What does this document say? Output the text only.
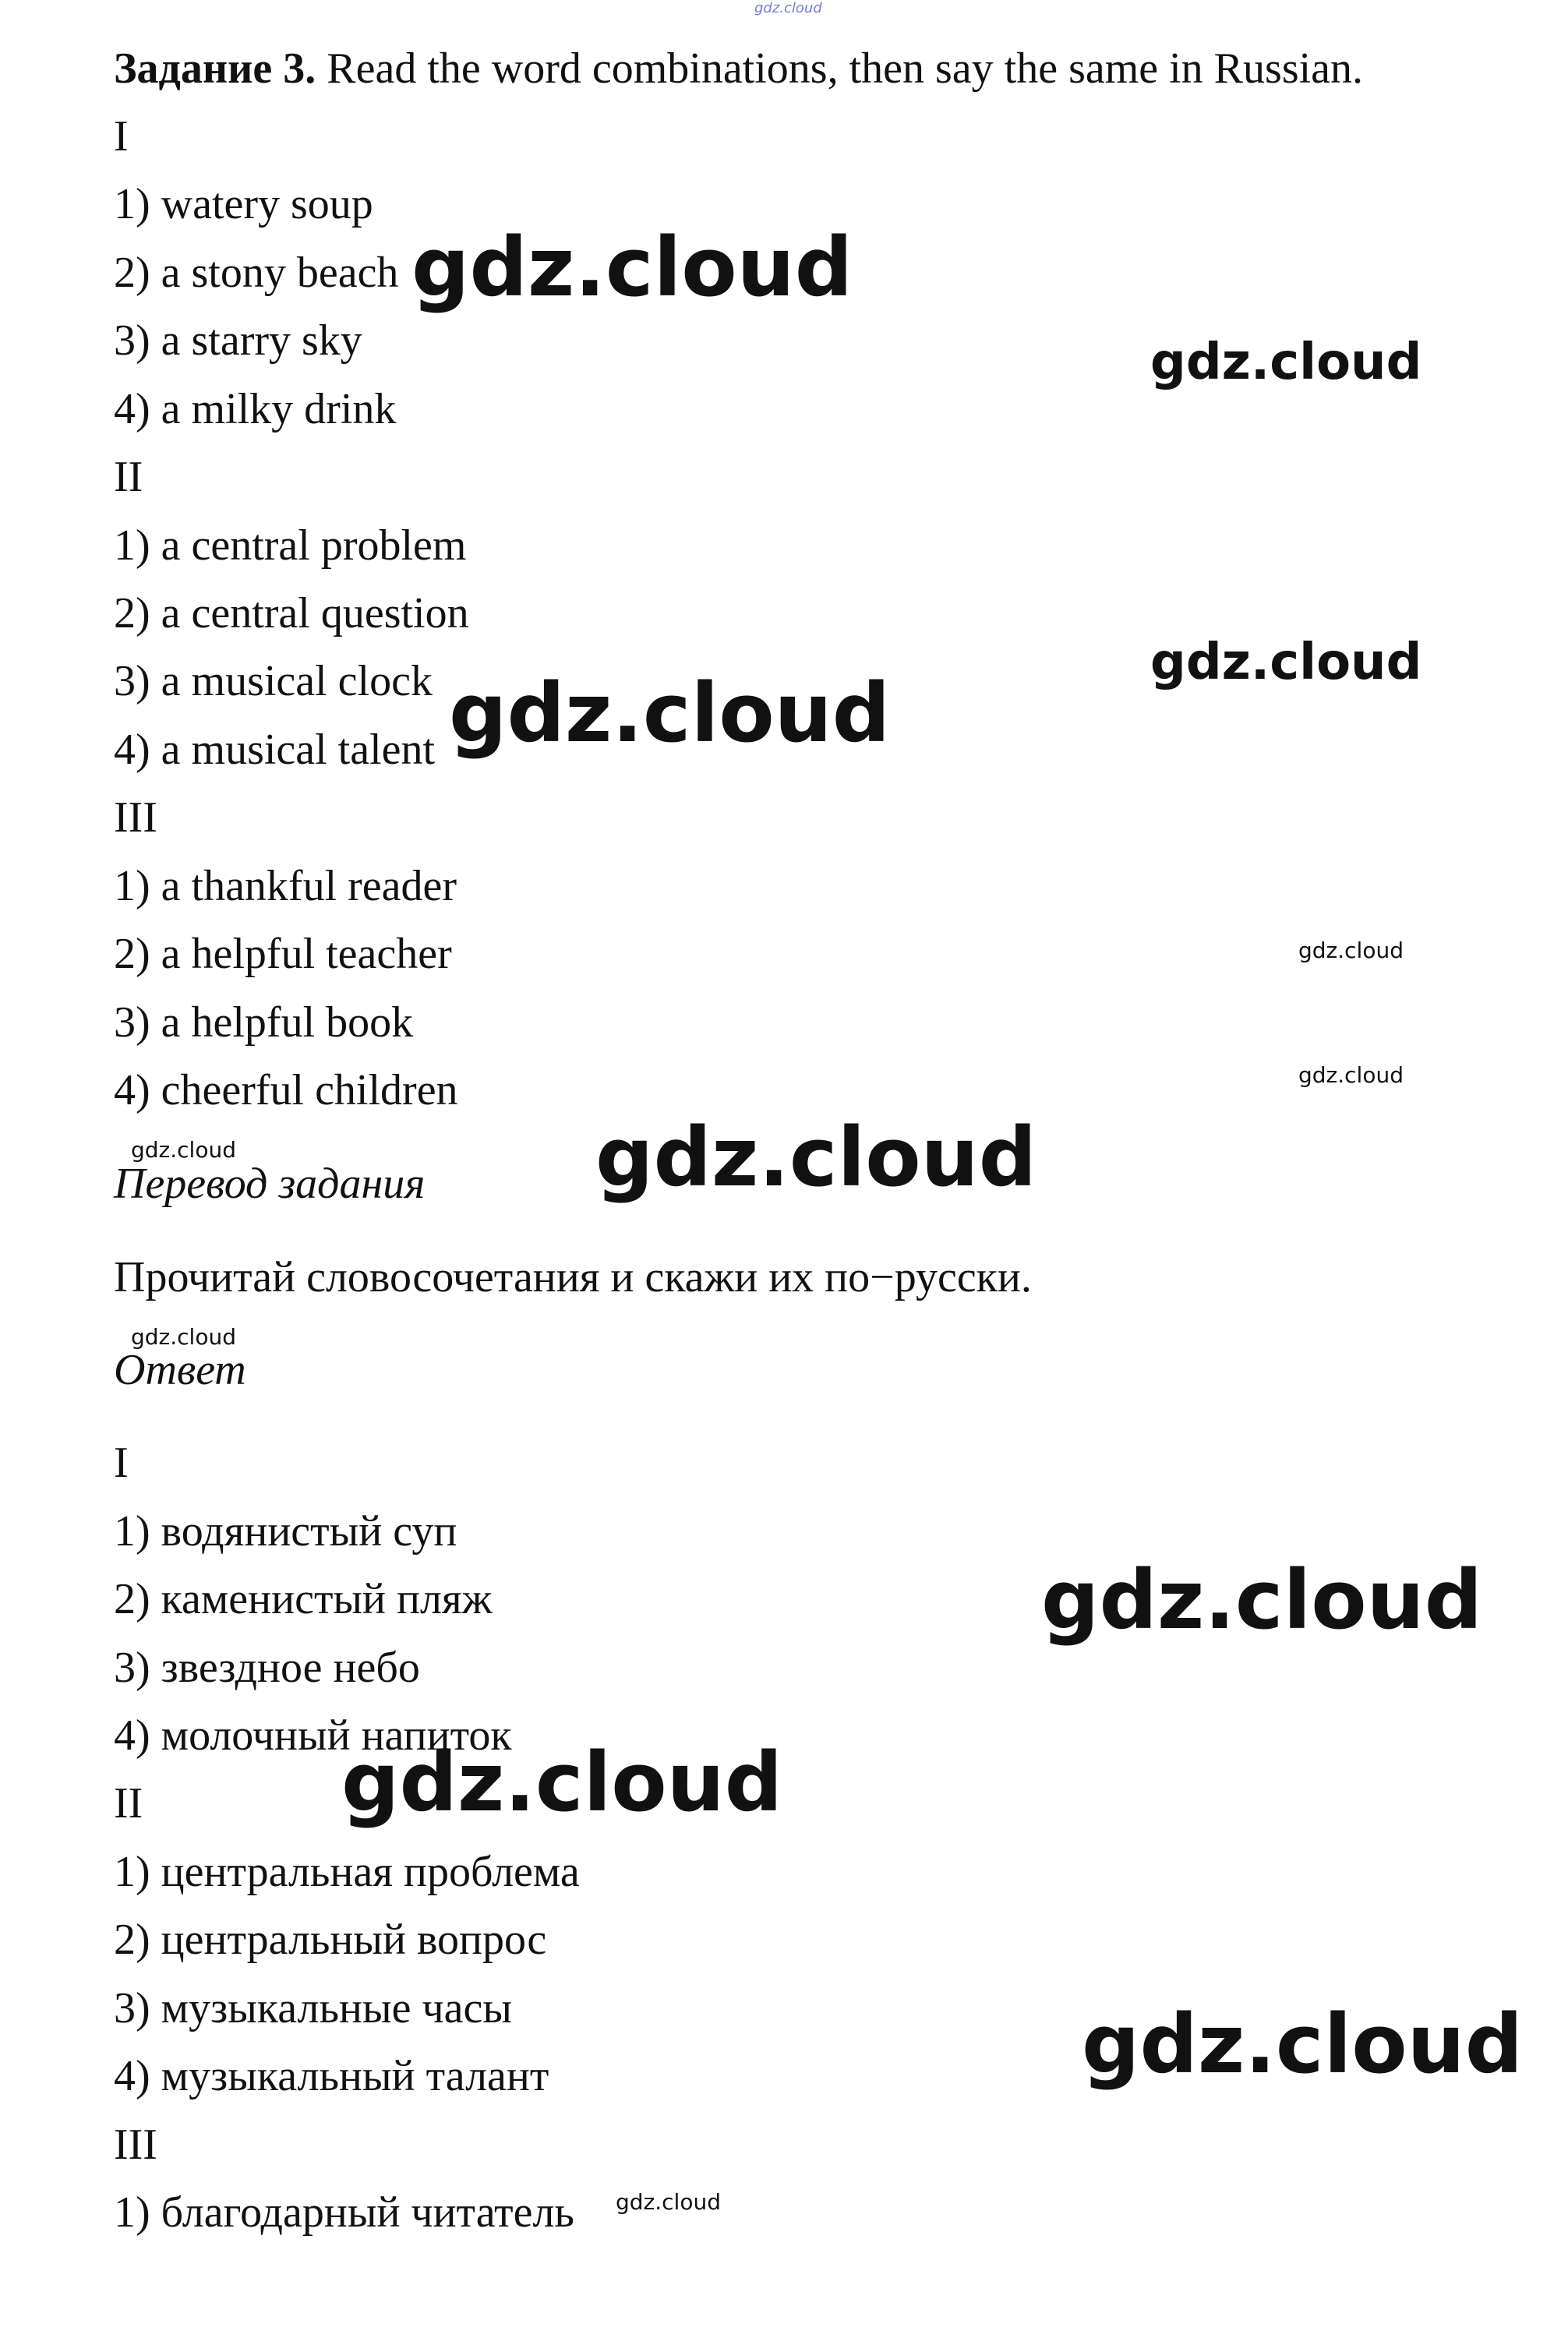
gdz.cloud
Задание 3. Read the word combinations, then say the same in Russian.
I
1) watery soup
2) a stony beach
3) a starry sky
4) a milky drink
II
1) a central problem
2) a central question
3) a musical clock
4) a musical talent
III
1) a thankful reader
2) a helpful teacher
3) a helpful book
4) cheerful children
Перевод задания
Прочитай словосочетания и скажи их по−русски.
Ответ
I
1) водянистый суп
2) каменистый пляж
3) звездное небо
4) молочный напиток
II
1) центральная проблема
2) центральный вопрос
3) музыкальные часы
4) музыкальный талант
III
1) благодарный читатель
gdz.cloud
gdz.cloud
gdz.cloud
gdz.cloud
gdz.cloud
gdz.cloud
gdz.cloud	gdz.cloud
gdz.cloud
gdz.cloud
gdz.cloud
gdz.cloud
gdz.cloud
